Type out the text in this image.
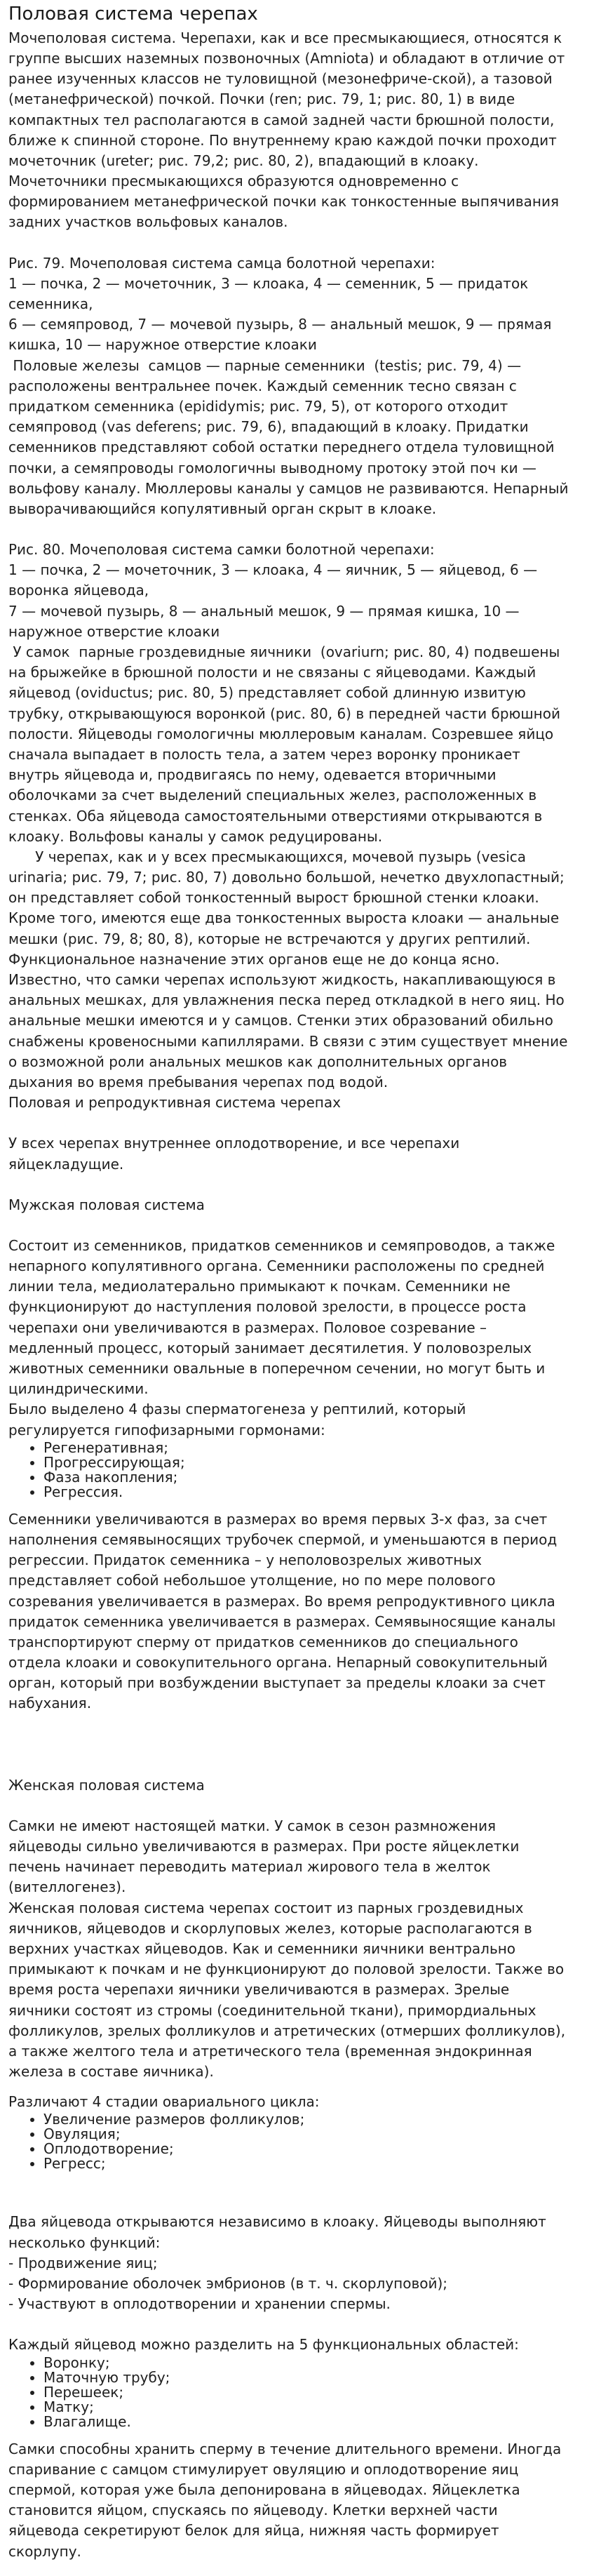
Половая система черепах

Мочеполовая система. Черепахи, как и все пресмыкающиеся, относятся к группе высших наземных позвоночных (Amniota) и обладают в отличие от ранее изученных классов не туловищной (мезонефриче-ской), а тазовой (метанефрической) почкой. Почки (ren; рис. 79, 1; рис. 80, 1) в виде компактных тел располагаются в самой задней части брюшной полости, ближе к спинной стороне. По внутреннему краю каждой почки проходит мочеточник (ureter; рис. 79,2; рис. 80, 2), впадающий в клоаку. Мочеточники пресмыкающихся образуются одновременно с формированием метанефрической почки как тонкостенные выпячивания задних участков вольфовых каналов.

Рис. 79. Мочеполовая система самца болотной черепахи:

1 — почка, 2 — мочеточник, 3 — клоака, 4 — семенник, 5 — придаток семенника,

6 — семяпровод, 7 — мочевой пузырь, 8 — анальный мешок, 9 — прямая кишка, 10 — наружное отверстие клоаки

Половые железы  самцов — парные семенники  (testis; рис. 79, 4) — расположены вентральнее почек. Каждый семенник тесно связан с придатком семенника (epididymis; рис. 79, 5), от которого отходит семяпровод (vas deferens; рис. 79, 6), впадающий в клоаку. Придатки семенников представляют собой остатки переднего отдела туловищной почки, а семяпроводы гомологичны выводному протоку этой поч ки — вольфову каналу. Мюллеровы каналы у самцов не развиваются. Непарный выворачивающийся копулятивный орган скрыт в клоаке.

Рис. 80. Мочеполовая система самки болотной черепахи:

1 — почка, 2 — мочеточник, 3 — клоака, 4 — яичник, 5 — яйцевод, 6 — воронка яйцевода,

7 — мочевой пузырь, 8 — анальный мешок, 9 — прямая кишка, 10 — наружное отверстие клоаки

У самок  парные гроздевидные яичники  (ovariurn; рис. 80, 4) подвешены на брыжейке в брюшной полости и не связаны с яйцеводами. Каждый яйцевод (oviductus; рис. 80, 5) представляет собой длинную извитую трубку, открывающуюся воронкой (рис. 80, 6) в передней части брюшной полости. Яйцеводы гомологичны мюллеровым каналам. Созревшее яйцо сначала выпадает в полость тела, а затем через воронку проникает внутрь яйцевода и, продвигаясь по нему, одевается вторичными оболочками за счет выделений специальных желез, расположенных в стенках. Оба яйцевода самостоятельными отверстиями открываются в клоаку. Вольфовы каналы у самок редуцированы.

У черепах, как и у всех пресмыкающихся, мочевой пузырь (vesica urinaria; рис. 79, 7; рис. 80, 7) довольно большой, нечетко двухлопастный; он представляет собой тонкостенный вырост брюшной стенки клоаки. Кроме того, имеются еще два тонкостенных выроста клоаки — анальные мешки (рис. 79, 8; 80, 8), которые не встречаются у других рептилий. Функциональное назначение этих органов еще не до конца ясно. Известно, что самки черепах используют жидкость, накапливающуюся в анальных мешках, для увлажнения песка перед откладкой в него яиц. Но анальные мешки имеются и у самцов. Стенки этих образований обильно снабжены кровеносными капиллярами. В связи с этим существует мнение о возможной роли анальных мешков как дополнительных органов дыхания во время пребывания черепах под водой.

Половая и репродуктивная система черепах

У всех черепах внутреннее оплодотворение, и все черепахи яйцекладущие.

Мужская половая система

Состоит из семенников, придатков семенников и семяпроводов, а также непарного копулятивного органа. Семенники расположены по средней линии тела, медиолатерально примыкают к почкам. Семенники не функционируют до наступления половой зрелости, в процессе роста черепахи они увеличиваются в размерах. Половое созревание – медленный процесс, который занимает десятилетия. У половозрелых животных семенники овальные в поперечном сечении, но могут быть и цилиндрическими.

Было выделено 4 фазы сперматогенеза у рептилий, который регулируется гипофизарными гормонами:

• Регенеративная;
• Прогрессирующая;
• Фаза накопления;
• Регрессия.

Семенники увеличиваются в размерах во время первых 3-х фаз, за счет наполнения семявыносящих трубочек спермой, и уменьшаются в период регрессии. Придаток семенника – у неполовозрелых животных представляет собой небольшое утолщение, но по мере полового созревания увеличивается в размерах. Во время репродуктивного цикла придаток семенника увеличивается в размерах. Семявыносящие каналы транспортируют сперму от придатков семенников до специального отдела клоаки и совокупительного органа. Непарный совокупительный орган, который при возбуждении выступает за пределы клоаки за счет набухания.

Женская половая система

Самки не имеют настоящей матки. У самок в сезон размножения яйцеводы сильно увеличиваются в размерах. При росте яйцеклетки печень начинает переводить материал жирового тела в желток (вителлогенез).

Женская половая система черепах состоит из парных гроздевидных яичников, яйцеводов и скорлуповых желез, которые располагаются в верхних участках яйцеводов. Как и семенники яичники вентрально примыкают к почкам и не функционируют до половой зрелости. Также во время роста черепахи яичники увеличиваются в размерах. Зрелые яичники состоят из стромы (соединительной ткани), примордиальных фолликулов, зрелых фолликулов и атретических (отмерших фолликулов), а также желтого тела и атретического тела (временная эндокринная железа в составе яичника).

Различают 4 стадии овариального цикла:

• Увеличение размеров фолликулов;
• Овуляция;
• Оплодотворение;
• Регресс;

Два яйцевода открываются независимо в клоаку. Яйцеводы выполняют несколько функций:

- Продвижение яиц;

- Формирование оболочек эмбрионов (в т. ч. скорлуповой);

- Участвуют в оплодотворении и хранении спермы.

Каждый яйцевод можно разделить на 5 функциональных областей:

• Воронку;
• Маточную трубу;
• Перешеек;
• Матку;
• Влагалище.

Самки способны хранить сперму в течение длительного времени. Иногда спаривание с самцом стимулирует овуляцию и оплодотворение яиц спермой, которая уже была депонирована в яйцеводах. Яйцеклетка становится яйцом, спускаясь по яйцеводу. Клетки верхней части яйцевода секретируют белок для яйца, нижняя часть формирует скорлупу.
